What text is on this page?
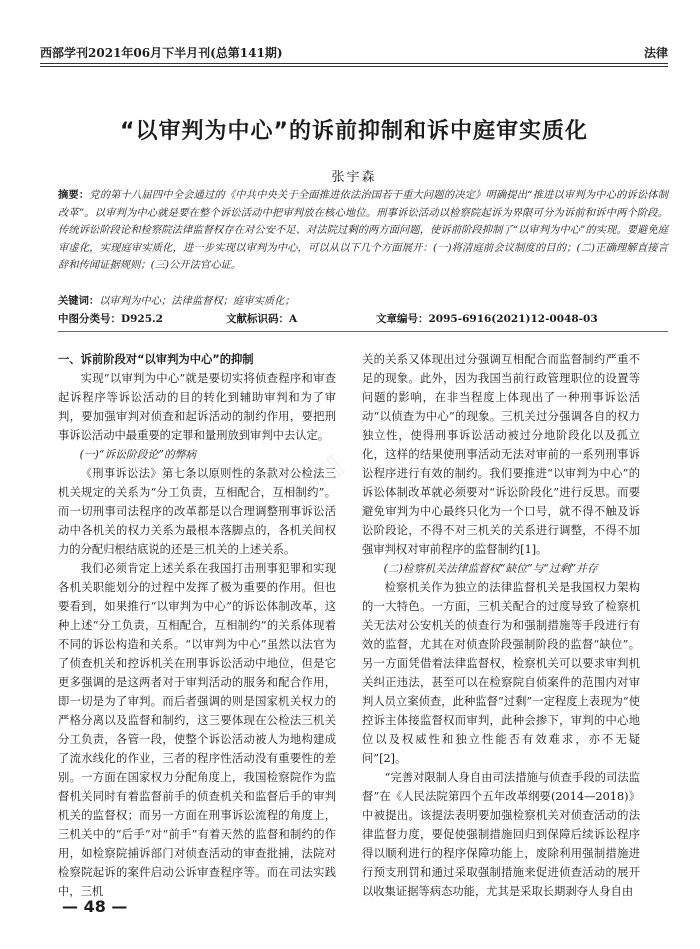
西部学刊2021年06月下半月刊(总第141期)	法律
“以审判为中心”的诉前抑制和诉中庭审实质化
张宇森
摘要：党的第十八届四中全会通过的《中共中央关于全面推进依法治国若干重大问题的决定》明确提出“推进以审判为中心的诉讼体制改革”。以审判为中心就是要在整个诉讼活动中把审判放在核心地位。刑事诉讼活动以检察院起诉为界限可分为诉前和诉中两个阶段。传统诉讼阶段论和检察院法律监督权存在对公安不足、对法院过剩的两方面问题，使诉前阶段抑制了“以审判为中心”的实现。要避免庭审虚化，实现庭审实质化，进一步实现以审判为中心，可以从以下几个方面展开：(一)将清庭前会议制度的目的；(二)正确理解直接言辞和传闻证据规则；(三)公开法官心证。
关键词：以审判为中心；法律监督权；庭审实质化；
中图分类号：D925.2	文献标识码：A	文章编号：2095-6916(2021)12-0048-03
ℂℕ𝕂𝕀
一、诉前阶段对“以审判为中心”的抑制

实现“以审判为中心”就是要切实将侦查程序和审查起诉程序等诉讼活动的目的转化到辅助审判和为了审判，要加强审判对侦查和起诉活动的制约作用，要把刑事诉讼活动中最重要的定罪和量刑放到审判中去认定。

(一)“诉讼阶段论”的弊病

《刑事诉讼法》第七条以原则性的条款对公检法三机关规定的关系为“分工负责，互相配合，互相制约”。而一切刑事司法程序的改革都是以合理调整刑事诉讼活动中各机关的权力关系为最根本落脚点的，各机关间权力的分配归根结底说的还是三机关的上述关系。

我们必须肯定上述关系在我国打击刑事犯罪和实现各机关职能划分的过程中发挥了极为重要的作用。但也要看到，如果推行“以审判为中心”的诉讼体制改革，这种上述“分工负责，互相配合，互相制约”的关系体现着不同的诉讼构造和关系。“以审判为中心”虽然以法官为了侦查机关和控诉机关在刑事诉讼活动中地位，但是它更多强调的是这两者对于审判活动的服务和配合作用，即一切是为了审判。而后者强调的则是国家机关权力的严格分离以及监督和制约，这三要体现在公检法三机关分工负责，各管一段，使整个诉讼活动被人为地构建成了流水线化的作业，三者的程序性活动没有重要性的差别。一方面在国家权力分配角度上，我国检察院作为监督机关同时有着监督前手的侦查机关和监督后手的审判机关的监督权；而另一方面在刑事诉讼流程的角度上，三机关中的“后手”对“前手”有着天然的监督和制约的作用，如检察院捕诉部门对侦查活动的审查批捕，法院对检察院起诉的案件启动公诉审查程序等。而在司法实践中，三机

关的关系又体现出过分强调互相配合而监督制约严重不足的现象。此外，因为我国当前行政管理职位的设置等问题的影响，在非当程度上体现出了一种刑事诉讼活动“以侦查为中心”的现象。三机关过分强调各自的权力独立性，使得刑事诉讼活动被过分地阶段化以及孤立化，这样的结果使刑事活动无法对审前的一系列刑事诉讼程序进行有效的制约。我们要推进“以审判为中心”的诉讼体制改革就必须要对“诉讼阶段化”进行反思。而要避免审判为中心最终只化为一个口号，就不得不触及诉讼阶段论，不得不对三机关的关系进行调整，不得不加强审判权对审前程序的监督制约[1]。

(二)检察机关法律监督权“缺位”与“过剩”并存

检察机关作为独立的法律监督机关是我国权力架构的一大特色。一方面，三机关配合的过度导致了检察机关无法对公安机关的侦查行为和强制措施等手段进行有效的监督，尤其在对侦查阶段强制阶段的监督“缺位”。另一方面凭借着法律监督权，检察机关可以要求审判机关纠正违法，甚至可以在检察院自侦案件的范围内对审判人员立案侦查，此种监督“过剩”一定程度上表现为“使控诉主体接监督权而审判，此种会掺下，审判的中心地位以及权威性和独立性能否有效难求，亦不无疑问”[2]。

“完善对限制人身自由司法措施与侦查手段的司法监督”在《人民法院第四个五年改革纲要(2014—2018)》中被提出。该提法表明要加强检察机关对侦查活动的法律监督力度，要促使强制措施回归到保障后续诉讼程序得以顺利进行的程序保障功能上，废除利用强制措施进行预支刑罚和通过采取强制措施来促进侦查活动的展开以收集证据等病态功能，尤其是采取长期剥夺人身自由

— 48 —
